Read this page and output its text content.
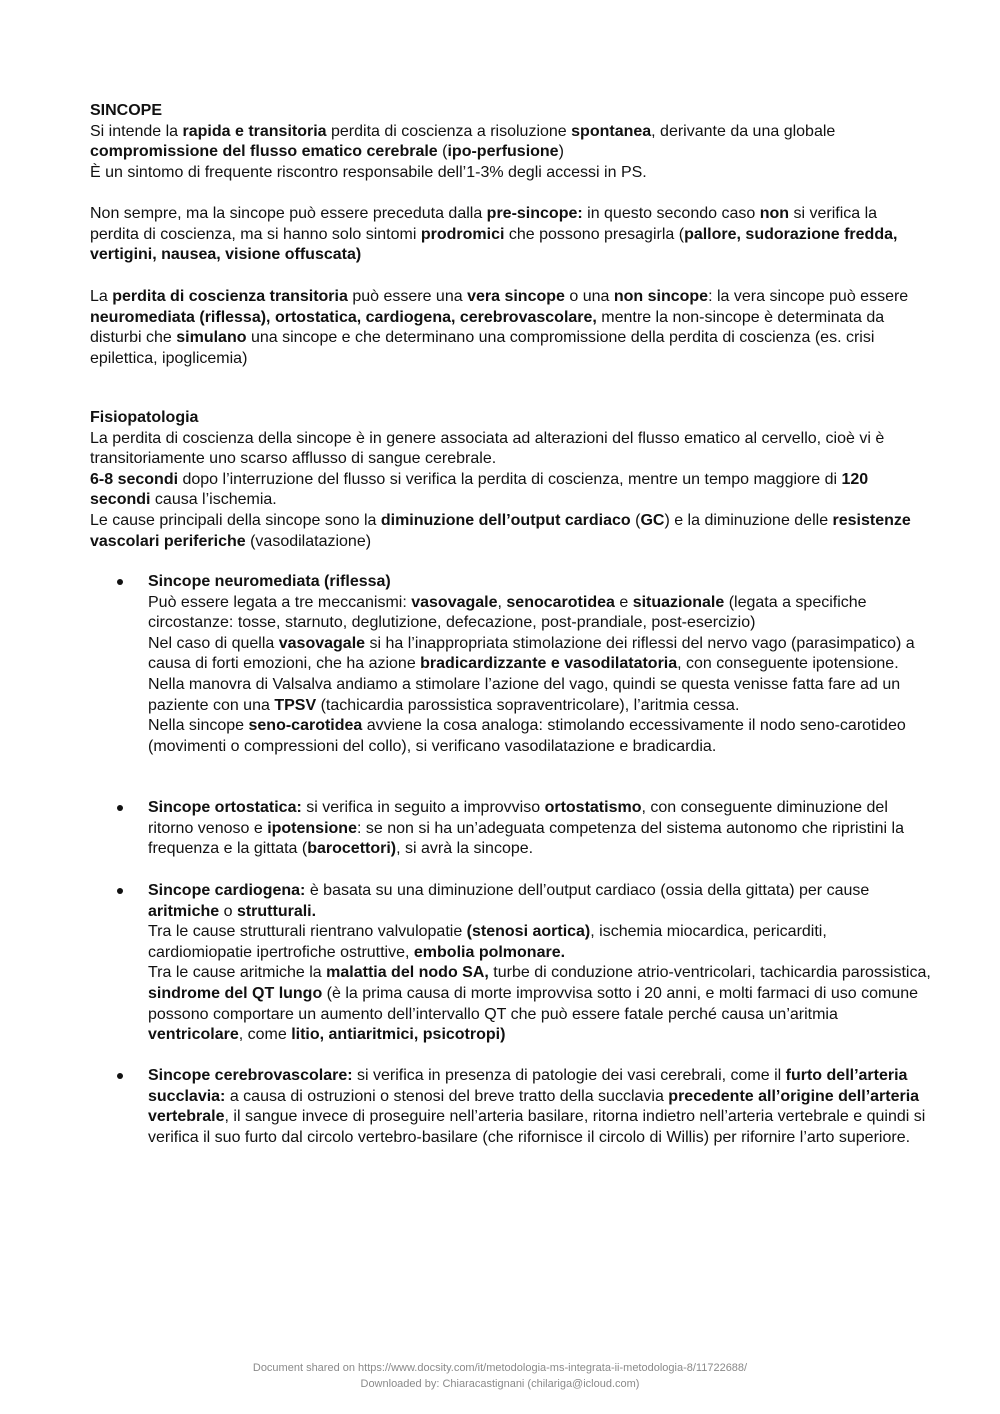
SINCOPE
Si intende la rapida e transitoria perdita di coscienza a risoluzione spontanea, derivante da una globale compromissione del flusso ematico cerebrale (ipo-perfusione)
È un sintomo di frequente riscontro responsabile dell’1-3% degli accessi in PS.
Non sempre, ma la sincope può essere preceduta dalla pre-sincope: in questo secondo caso non si verifica la perdita di coscienza, ma si hanno solo sintomi prodromici che possono presagirla (pallore, sudorazione fredda, vertigini, nausea, visione offuscata)
La perdita di coscienza transitoria può essere una vera sincope o una non sincope: la vera sincope può essere neuromediata (riflessa), ortostatica, cardiogena, cerebrovascolare, mentre la non-sincope è determinata da disturbi che simulano una sincope e che determinano una compromissione della perdita di coscienza (es. crisi epilettica, ipoglicemia)
Fisiopatologia
La perdita di coscienza della sincope è in genere associata ad alterazioni del flusso ematico al cervello, cioè vi è transitoriamente uno scarso afflusso di sangue cerebrale.
6-8 secondi dopo l’interruzione del flusso si verifica la perdita di coscienza, mentre un tempo maggiore di 120 secondi causa l’ischemia.
Le cause principali della sincope sono la diminuzione dell’output cardiaco (GC) e la diminuzione delle resistenze vascolari periferiche (vasodilatazione)
Sincope neuromediata (riflessa)
Può essere legata a tre meccanismi: vasovagale, senocarotidea e situazionale (legata a specifiche circostanze: tosse, starnuto, deglutizione, defecazione, post-prandiale, post-esercizio)
Nel caso di quella vasovagale si ha l’inappropriata stimolazione dei riflessi del nervo vago (parasimpatico) a causa di forti emozioni, che ha azione bradicardizzante e vasodilatatoria, con conseguente ipotensione.
Nella manovra di Valsalva andiamo a stimolare l’azione del vago, quindi se questa venisse fatta fare ad un paziente con una TPSV (tachicardia parossistica sopraventricolare), l’aritmia cessa.
Nella sincope seno-carotidea avviene la cosa analoga: stimolando eccessivamente il nodo seno-carotideo (movimenti o compressioni del collo), si verificano vasodilatazione e bradicardia.
Sincope ortostatica: si verifica in seguito a improvviso ortostatismo, con conseguente diminuzione del ritorno venoso e ipotensione: se non si ha un’adeguata competenza del sistema autonomo che ripristini la frequenza e la gittata (barocettori), si avrà la sincope.
Sincope cardiogena: è basata su una diminuzione dell’output cardiaco (ossia della gittata) per cause aritmiche o strutturali.
Tra le cause strutturali rientrano valvulopatie (stenosi aortica), ischemia miocardica, pericarditi, cardiomiopatie ipertrofiche ostruttive, embolia polmonare.
Tra le cause aritmiche la malattia del nodo SA, turbe di conduzione atrio-ventricolari, tachicardia parossistica, sindrome del QT lungo (è la prima causa di morte improvvisa sotto i 20 anni, e molti farmaci di uso comune possono comportare un aumento dell’intervallo QT che può essere fatale perché causa un’aritmia ventricolare, come litio, antiaritmici, psicotropi)
Sincope cerebrovascolare: si verifica in presenza di patologie dei vasi cerebrali, come il furto dell’arteria succlavia: a causa di ostruzioni o stenosi del breve tratto della succlavia precedente all’origine dell’arteria vertebrale, il sangue invece di proseguire nell’arteria basilare, ritorna indietro nell’arteria vertebrale e quindi si verifica il suo furto dal circolo vertebro-basilare (che rifornisce il circolo di Willis) per rifornire l’arto superiore.
Document shared on https://www.docsity.com/it/metodologia-ms-integrata-ii-metodologia-8/11722688/
Downloaded by: Chiaracastignani (chilariga@icloud.com)
